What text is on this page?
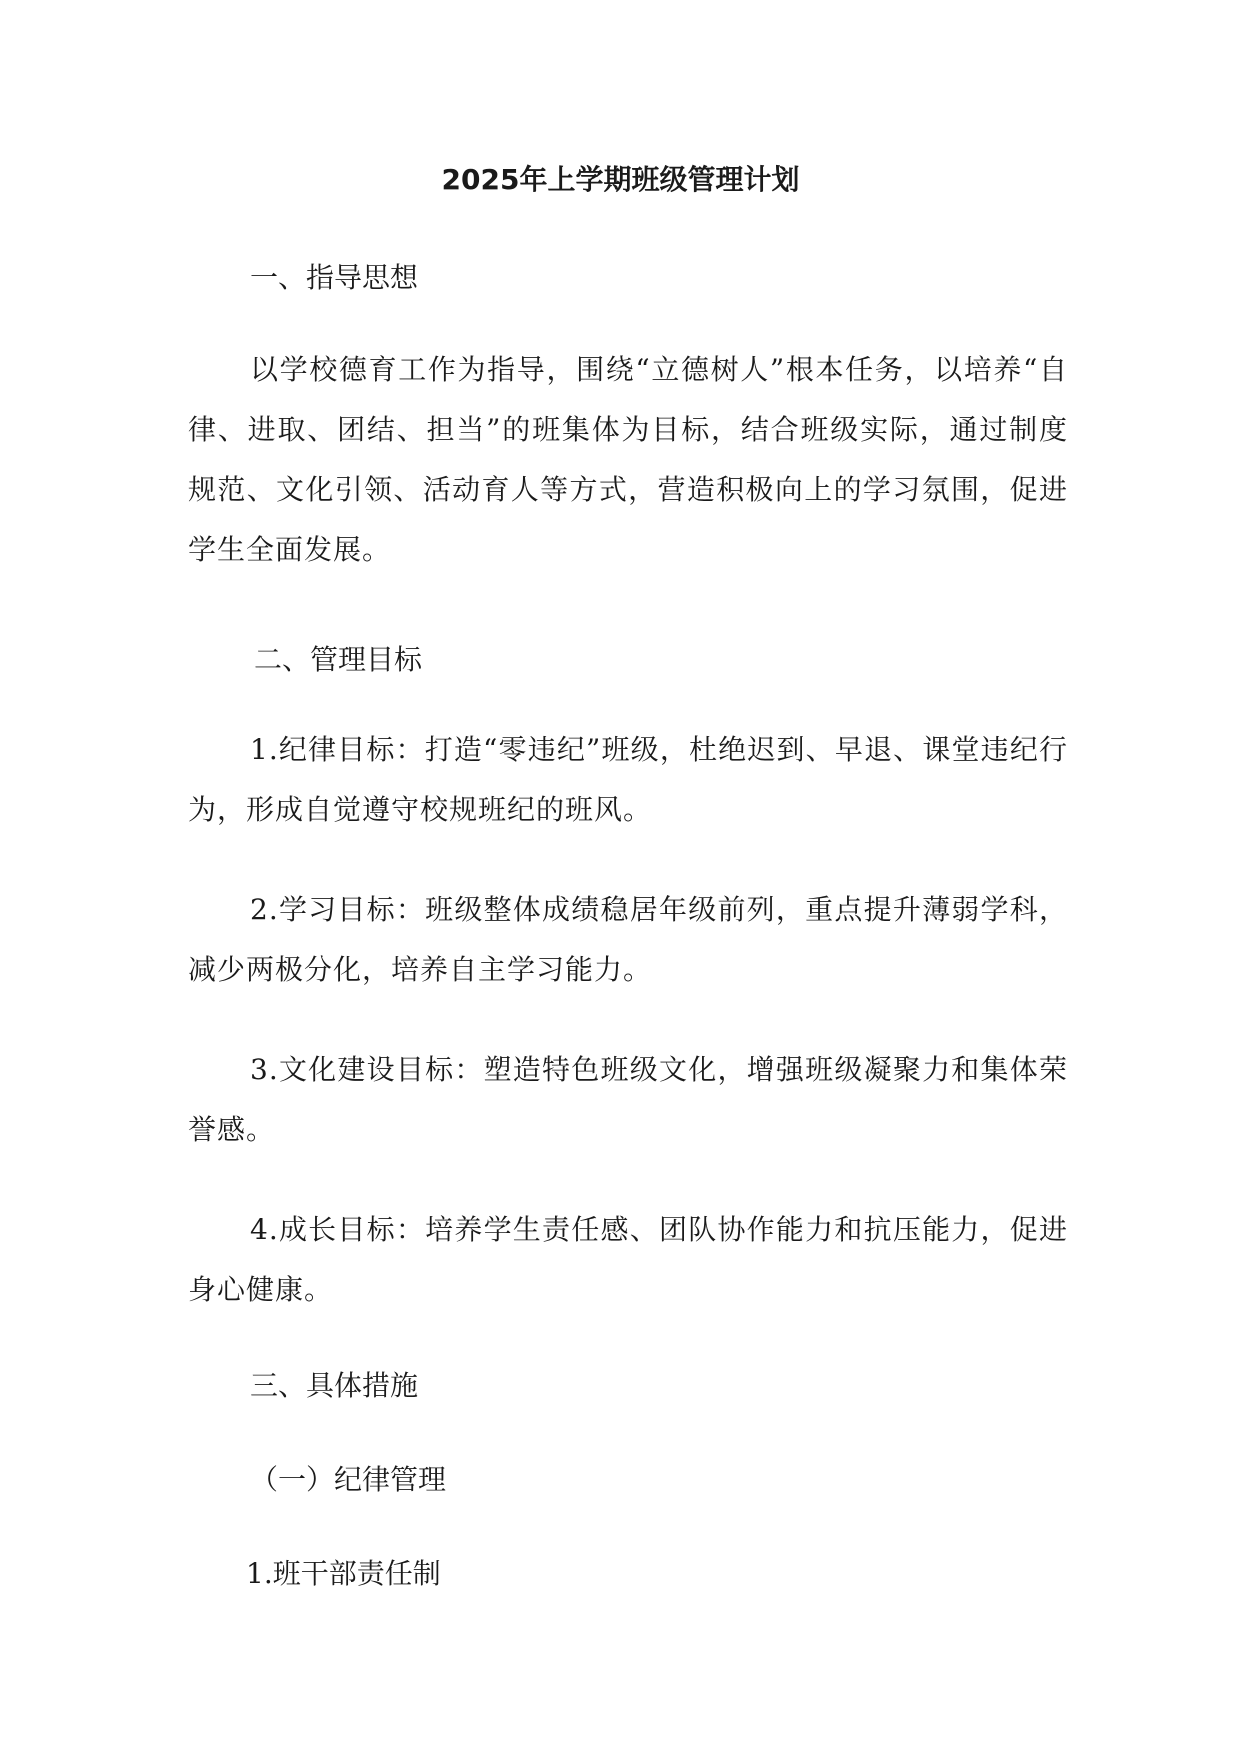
2025年上学期班级管理计划

一、指导思想

以学校德育工作为指导，围绕“立德树人”根本任务，以培养“自律、进取、团结、担当”的班集体为目标，结合班级实际，通过制度规范、文化引领、活动育人等方式，营造积极向上的学习氛围，促进学生全面发展。

二、管理目标

1.纪律目标：打造“零违纪”班级，杜绝迟到、早退、课堂违纪行为，形成自觉遵守校规班纪的班风。

2.学习目标：班级整体成绩稳居年级前列，重点提升薄弱学科，减少两极分化，培养自主学习能力。

3.文化建设目标：塑造特色班级文化，增强班级凝聚力和集体荣誉感。

4.成长目标：培养学生责任感、团队协作能力和抗压能力，促进身心健康。

三、具体措施

（一）纪律管理

1.班干部责任制
